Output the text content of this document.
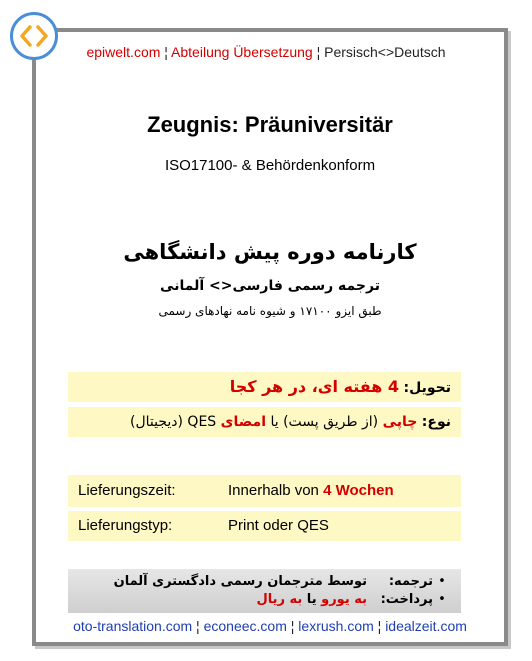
epiwelt.com ¦ Abteilung Übersetzung ¦ Persisch<>Deutsch
Zeugnis: Präuniversitär
ISO17100- & Behördenkonform
کارنامه دوره پیش دانشگاهی
ترجمه رسمی فارسی<> آلمانی
طبق ایزو ۱۷۱۰۰ و شیوه نامه نهادهای رسمی
تحویل: 4 هفته ای، در هر کجا
نوع: چاپی (از طریق پست) یا امضای QES (دیجیتال)
Lieferungszeit:	Innerhalb von 4 Wochen
Lieferungstyp:	Print oder QES
•ترجمه:توسط مترجمان رسمی دادگستری آلمان
•پرداخت:به یورو یا به ریال
oto-translation.com ¦ econeec.com ¦ lexrush.com ¦ idealzeit.com
